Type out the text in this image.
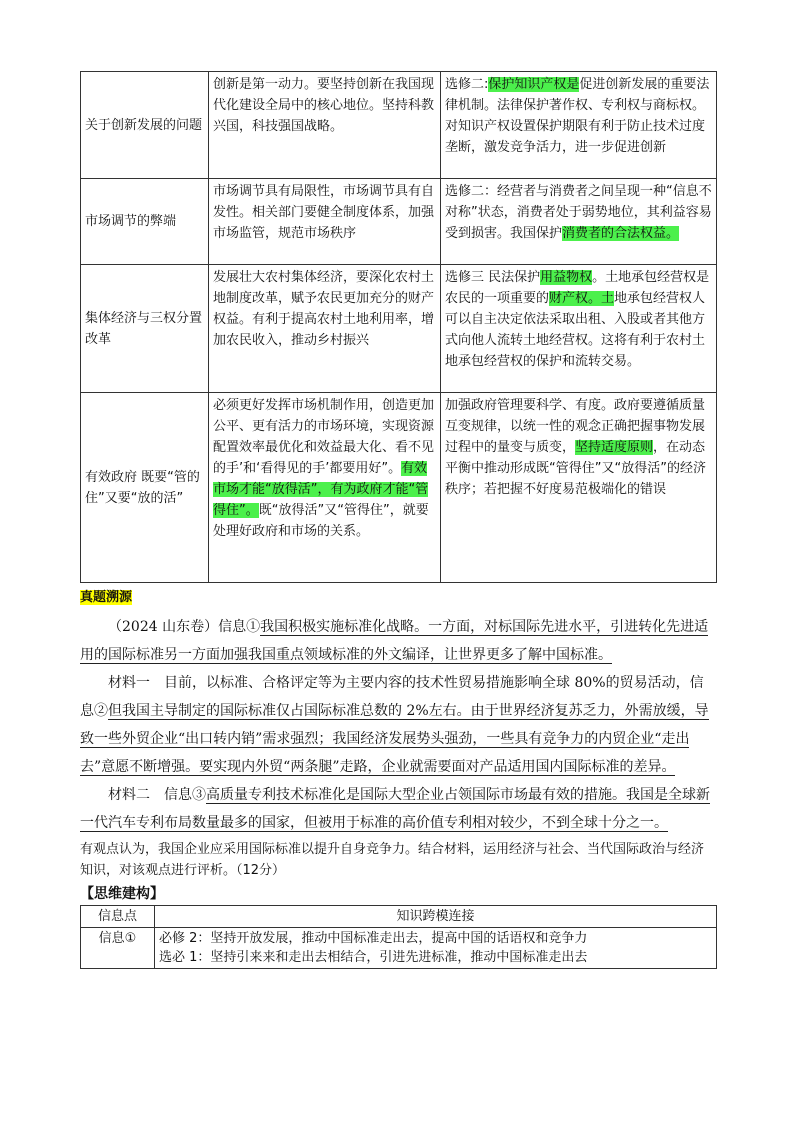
关于创新发展的问题	创新是第一动力。要坚持创新在我国现代化建设全局中的核心地位。坚持科教兴国，科技强国战略。	选修二:保护知识产权是促进创新发展的重要法律机制。法律保护著作权、专利权与商标权。对知识产权设置保护期限有利于防止技术过度垄断，激发竞争活力，进一步促进创新
市场调节的弊端	市场调节具有局限性，市场调节具有自发性。相关部门要健全制度体系，加强市场监管，规范市场秩序	选修二：经营者与消费者之间呈现一种“信息不对称”状态，消费者处于弱势地位，其利益容易受到损害。我国保护消费者的合法权益。
集体经济与三权分置改革	发展壮大农村集体经济，要深化农村土地制度改革，赋予农民更加充分的财产权益。有利于提高农村土地利用率，增加农民收入，推动乡村振兴	选修三 民法保护用益物权。土地承包经营权是农民的一项重要的财产权。土地承包经营权人可以自主决定依法采取出租、入股或者其他方式向他人流转土地经营权。这将有利于农村土地承包经营权的保护和流转交易。
有效政府 既要“管的住”又要“放的活”	必须更好发挥市场机制作用，创造更加公平、更有活力的市场环境，实现资源配置效率最优化和效益最大化、看不见的手’和‘看得见的手’都要用好”。有效市场才能“放得活”，有为政府才能“管得住”。既“放得活”又“管得住”，就要处理好政府和市场的关系。	加强政府管理要科学、有度。政府要遵循质量互变规律，以统一性的观念正确把握事物发展过程中的量变与质变，坚持适度原则，在动态平衡中推动形成既“管得住”又“放得活”的经济秩序；若把握不好度易范极端化的错误
真题溯源
（2024 山东卷）信息①我国积极实施标准化战略。一方面，对标国际先进水平，引进转化先进适用的国际标准另一方面加强我国重点领域标准的外文编译，让世界更多了解中国标准。
材料一　目前，以标准、合格评定等为主要内容的技术性贸易措施影响全球 80%的贸易活动，信息②但我国主导制定的国际标准仅占国际标准总数的 2%左右。由于世界经济复苏乏力，外需放缓，导致一些外贸企业“出口转内销”需求强烈；我国经济发展势头强劲，一些具有竞争力的内贸企业“走出去”意愿不断增强。要实现内外贸“两条腿”走路，企业就需要面对产品适用国内国际标准的差异。
材料二　信息③高质量专利技术标准化是国际大型企业占领国际市场最有效的措施。我国是全球新一代汽车专利布局数量最多的国家，但被用于标准的高价值专利相对较少，不到全球十分之一。
有观点认为，我国企业应采用国际标准以提升自身竞争力。结合材料，运用经济与社会、当代国际政治与经济知识，对该观点进行评析。（12分）
【思维建构】
信息点	知识跨模连接
信息①	必修 2：坚持开放发展，推动中国标准走出去，提高中国的话语权和竞争力
选必 1：坚持引来来和走出去相结合，引进先进标准，推动中国标准走出去
